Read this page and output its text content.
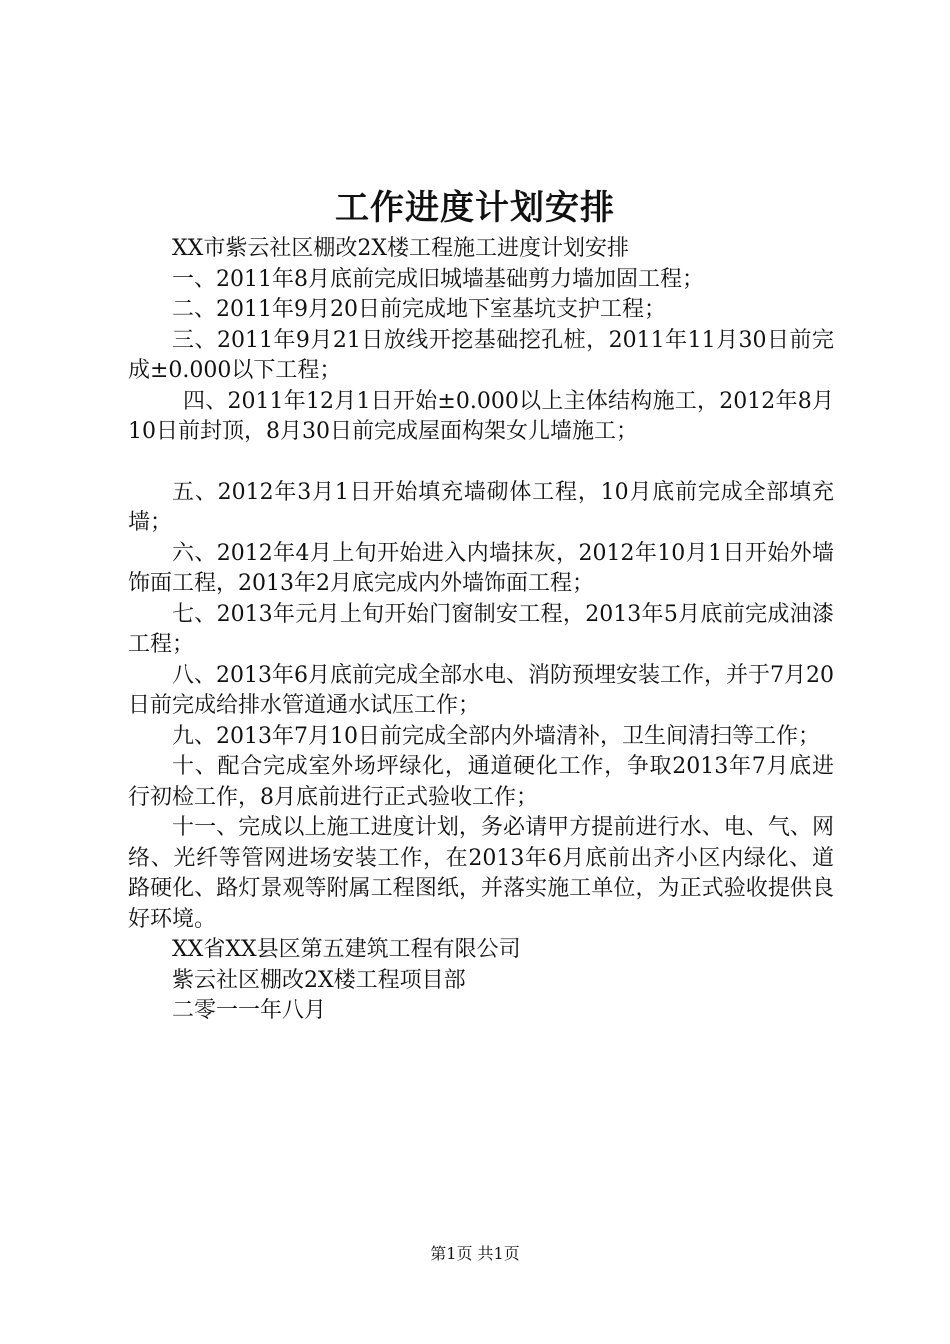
工作进度计划安排

XX市紫云社区棚改2X楼工程施工进度计划安排

一、2011年8月底前完成旧城墙基础剪力墙加固工程；

二、2011年9月20日前完成地下室基坑支护工程；

三、2011年9月21日放线开挖基础挖孔桩，2011年11月30日前完成±0.000以下工程；

四、2011年12月1日开始±0.000以上主体结构施工，2012年8月10日前封顶，8月30日前完成屋面构架女儿墙施工；

五、2012年3月1日开始填充墙砌体工程，10月底前完成全部填充墙；

六、2012年4月上旬开始进入内墙抹灰，2012年10月1日开始外墙饰面工程，2013年2月底完成内外墙饰面工程；

七、2013年元月上旬开始门窗制安工程，2013年5月底前完成油漆工程；

八、2013年6月底前完成全部水电、消防预埋安装工作，并于7月20日前完成给排水管道通水试压工作；

九、2013年7月10日前完成全部内外墙清补，卫生间清扫等工作；

十、配合完成室外场坪绿化，通道硬化工作，争取2013年7月底进行初检工作，8月底前进行正式验收工作；

十一、完成以上施工进度计划，务必请甲方提前进行水、电、气、网络、光纤等管网进场安装工作，在2013年6月底前出齐小区内绿化、道路硬化、路灯景观等附属工程图纸，并落实施工单位，为正式验收提供良好环境。

XX省XX县区第五建筑工程有限公司

紫云社区棚改2X楼工程项目部

二零一一年八月

第1页 共1页
